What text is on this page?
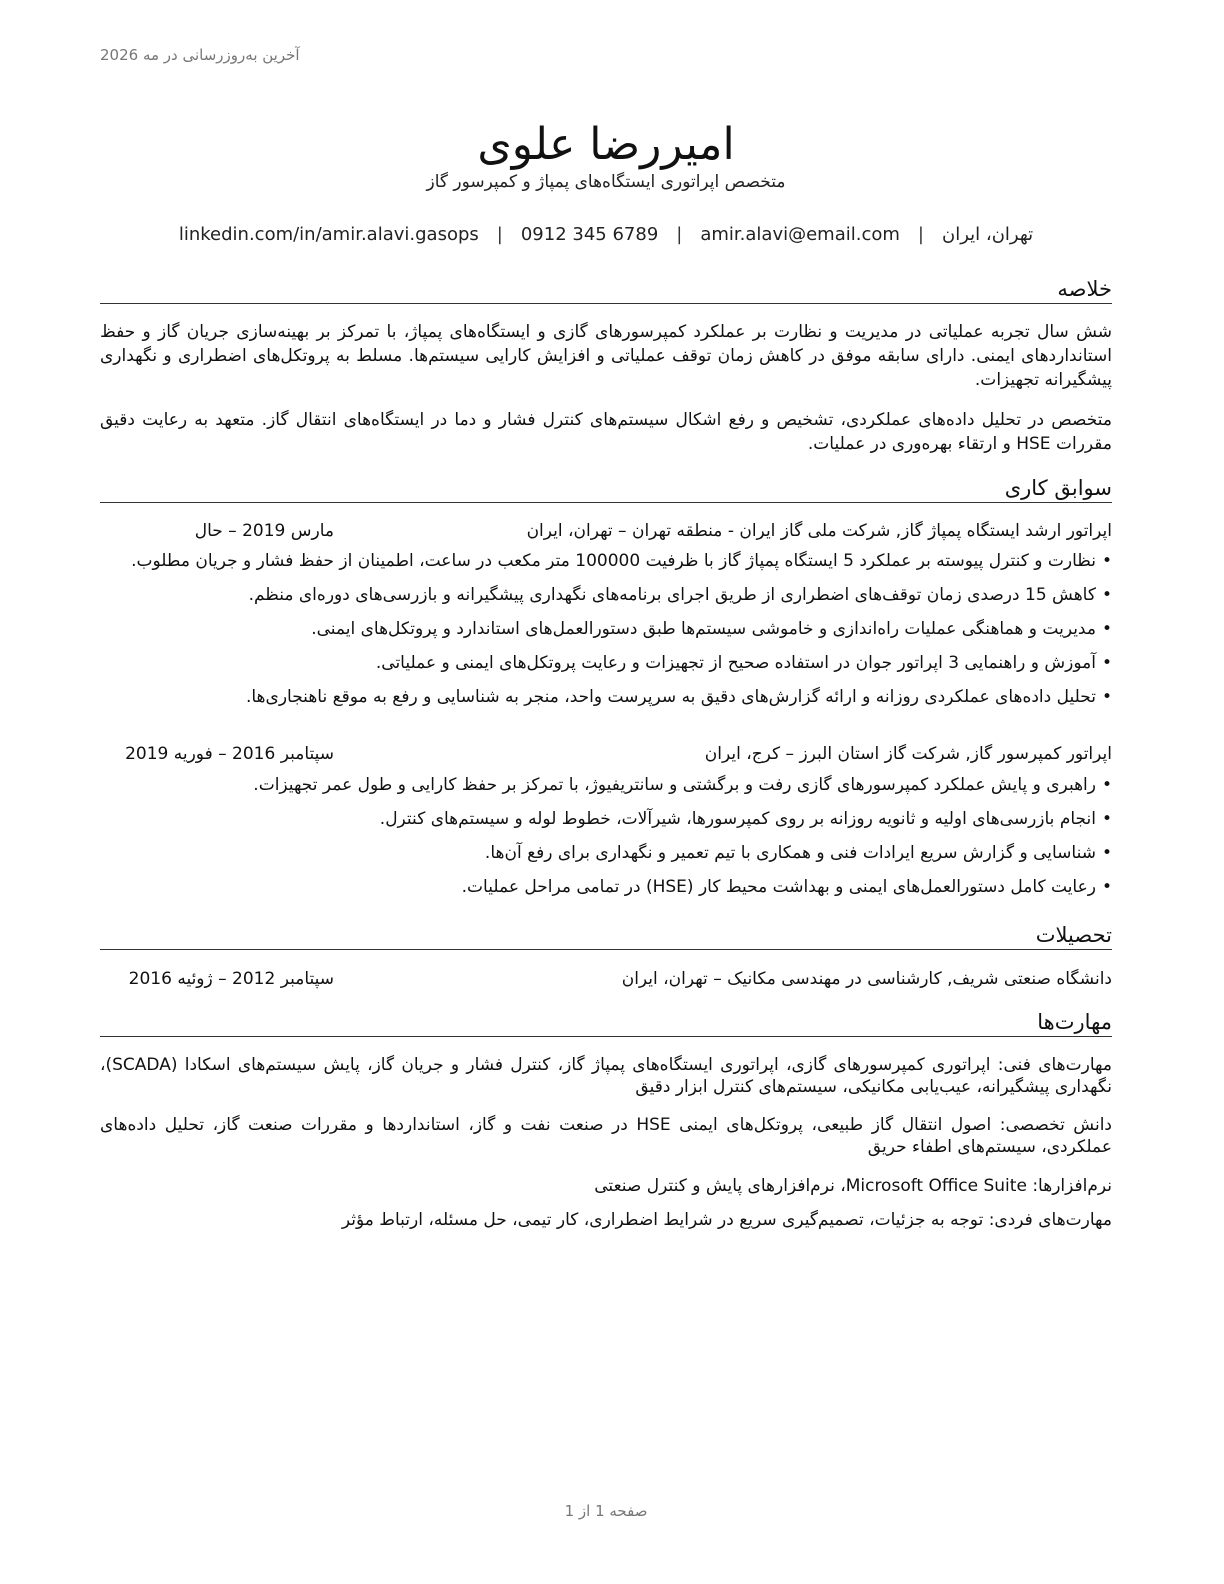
آخرین به‌روزرسانی در مه 2026
امیررضا علوی
متخصص اپراتوری ایستگاه‌های پمپاژ و کمپرسور گاز
تهران، ایران|amir.alavi@email.com|0912 345 6789|linkedin.com/in/amir.alavi.gasops
خلاصه

شش سال تجربه عملیاتی در مدیریت و نظارت بر عملکرد کمپرسورهای گازی و ایستگاه‌های پمپاژ، با تمرکز بر بهینه‌سازی جریان گاز و حفظ استانداردهای ایمنی. دارای سابقه موفق در کاهش زمان توقف عملیاتی و افزایش کارایی سیستم‌ها. مسلط به پروتکل‌های اضطراری و نگهداری پیشگیرانه تجهیزات.

متخصص در تحلیل داده‌های عملکردی، تشخیص و رفع اشکال سیستم‌های کنترل فشار و دما در ایستگاه‌های انتقال گاز. متعهد به رعایت دقیق مقررات HSE و ارتقاء بهره‌وری در عملیات.

سوابق کاری
اپراتور ارشد ایستگاه پمپاژ گاز, شرکت ملی گاز ایران - منطقه تهران – تهران، ایران
مارس 2019 – حال
• نظارت و کنترل پیوسته بر عملکرد 5 ایستگاه پمپاژ گاز با ظرفیت 100000 متر مکعب در ساعت، اطمینان از حفظ فشار و جریان مطلوب.
• کاهش 15 درصدی زمان توقف‌های اضطراری از طریق اجرای برنامه‌های نگهداری پیشگیرانه و بازرسی‌های دوره‌ای منظم.
• مدیریت و هماهنگی عملیات راه‌اندازی و خاموشی سیستم‌ها طبق دستورالعمل‌های استاندارد و پروتکل‌های ایمنی.
• آموزش و راهنمایی 3 اپراتور جوان در استفاده صحیح از تجهیزات و رعایت پروتکل‌های ایمنی و عملیاتی.
• تحلیل داده‌های عملکردی روزانه و ارائه گزارش‌های دقیق به سرپرست واحد، منجر به شناسایی و رفع به موقع ناهنجاری‌ها.
اپراتور کمپرسور گاز, شرکت گاز استان البرز – کرج، ایران
سپتامبر 2016 – فوریه 2019
• راهبری و پایش عملکرد کمپرسورهای گازی رفت و برگشتی و سانتریفیوژ، با تمرکز بر حفظ کارایی و طول عمر تجهیزات.
• انجام بازرسی‌های اولیه و ثانویه روزانه بر روی کمپرسورها، شیرآلات، خطوط لوله و سیستم‌های کنترل.
• شناسایی و گزارش سریع ایرادات فنی و همکاری با تیم تعمیر و نگهداری برای رفع آن‌ها.
• رعایت کامل دستورالعمل‌های ایمنی و بهداشت محیط کار (HSE) در تمامی مراحل عملیات.
تحصیلات
دانشگاه صنعتی شریف, کارشناسی در مهندسی مکانیک – تهران، ایران
سپتامبر 2012 – ژوئیه 2016
مهارت‌ها

مهارت‌های فنی: اپراتوری کمپرسورهای گازی، اپراتوری ایستگاه‌های پمپاژ گاز، کنترل فشار و جریان گاز، پایش سیستم‌های اسکادا (SCADA)، نگهداری پیشگیرانه، عیب‌یابی مکانیکی، سیستم‌های کنترل ابزار دقیق

دانش تخصصی: اصول انتقال گاز طبیعی، پروتکل‌های ایمنی HSE در صنعت نفت و گاز، استانداردها و مقررات صنعت گاز، تحلیل داده‌های عملکردی، سیستم‌های اطفاء حریق

نرم‌افزارها: Microsoft Office Suite، نرم‌افزارهای پایش و کنترل صنعتی

مهارت‌های فردی: توجه به جزئیات، تصمیم‌گیری سریع در شرایط اضطراری، کار تیمی، حل مسئله، ارتباط مؤثر

صفحه 1 از 1
